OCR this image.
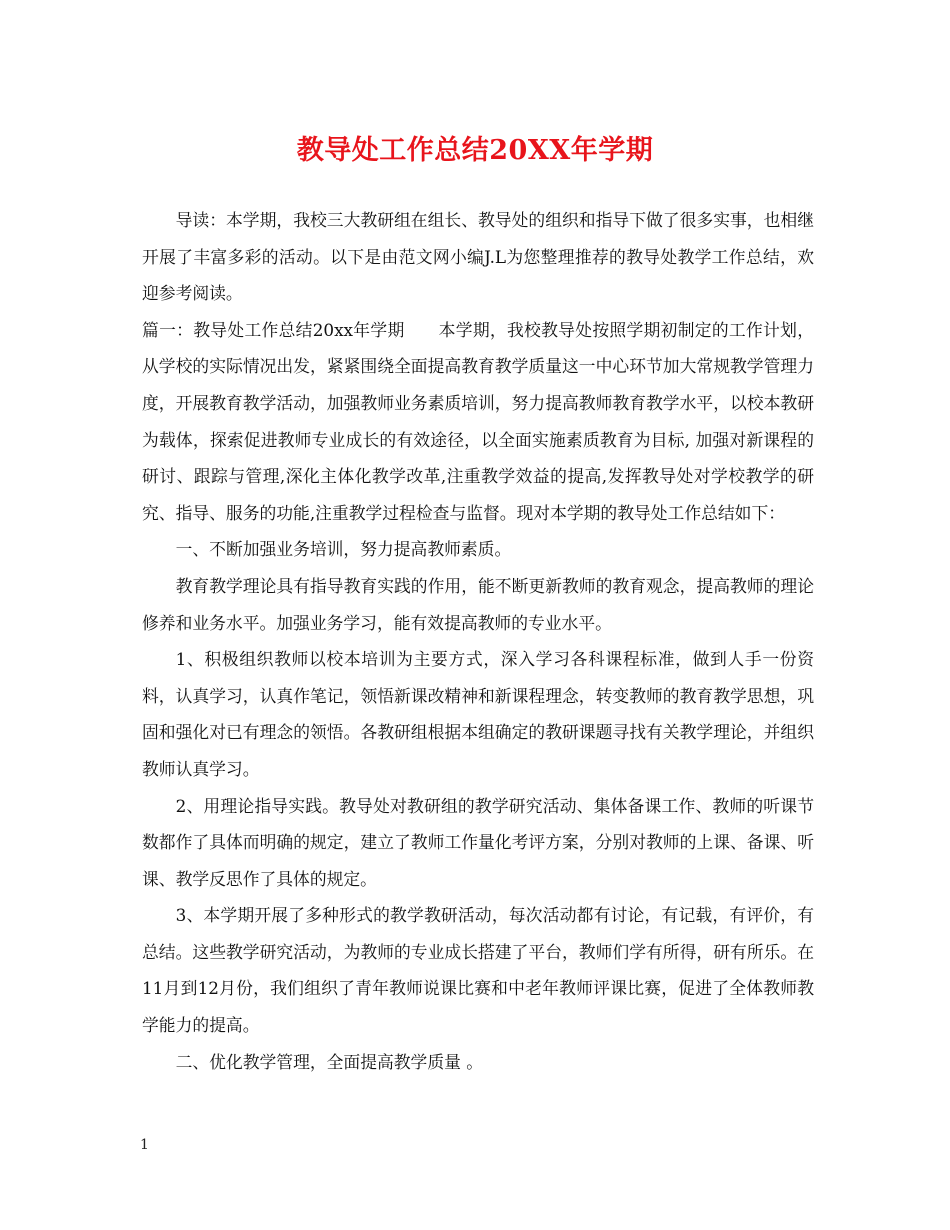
教导处工作总结20XX年学期

导读：本学期，我校三大教研组在组长、教导处的组织和指导下做了很多实事，也相继开展了丰富多彩的活动。以下是由范文网小编J.L为您整理推荐的教导处教学工作总结，欢迎参考阅读。

篇一：教导处工作总结20xx年学期　　本学期，我校教导处按照学期初制定的工作计划，从学校的实际情况出发，紧紧围绕全面提高教育教学质量这一中心环节加大常规教学管理力度，开展教育教学活动，加强教师业务素质培训，努力提高教师教育教学水平，以校本教研为载体，探索促进教师专业成长的有效途径，以全面实施素质教育为目标, 加强对新课程的研讨、跟踪与管理,深化主体化教学改革,注重教学效益的提高,发挥教导处对学校教学的研究、指导、服务的功能,注重教学过程检查与监督。现对本学期的教导处工作总结如下：

一、不断加强业务培训，努力提高教师素质。

教育教学理论具有指导教育实践的作用，能不断更新教师的教育观念，提高教师的理论修养和业务水平。加强业务学习，能有效提高教师的专业水平。

1、积极组织教师以校本培训为主要方式，深入学习各科课程标准，做到人手一份资料，认真学习，认真作笔记，领悟新课改精神和新课程理念，转变教师的教育教学思想，巩固和强化对已有理念的领悟。各教研组根据本组确定的教研课题寻找有关教学理论，并组织教师认真学习。

2、用理论指导实践。教导处对教研组的教学研究活动、集体备课工作、教师的听课节数都作了具体而明确的规定，建立了教师工作量化考评方案，分别对教师的上课、备课、听课、教学反思作了具体的规定。

3、本学期开展了多种形式的教学教研活动，每次活动都有讨论，有记载，有评价，有总结。这些教学研究活动，为教师的专业成长搭建了平台，教师们学有所得，研有所乐。在11月到12月份，我们组织了青年教师说课比赛和中老年教师评课比赛，促进了全体教师教学能力的提高。

二、优化教学管理，全面提高教学质量 。

1
